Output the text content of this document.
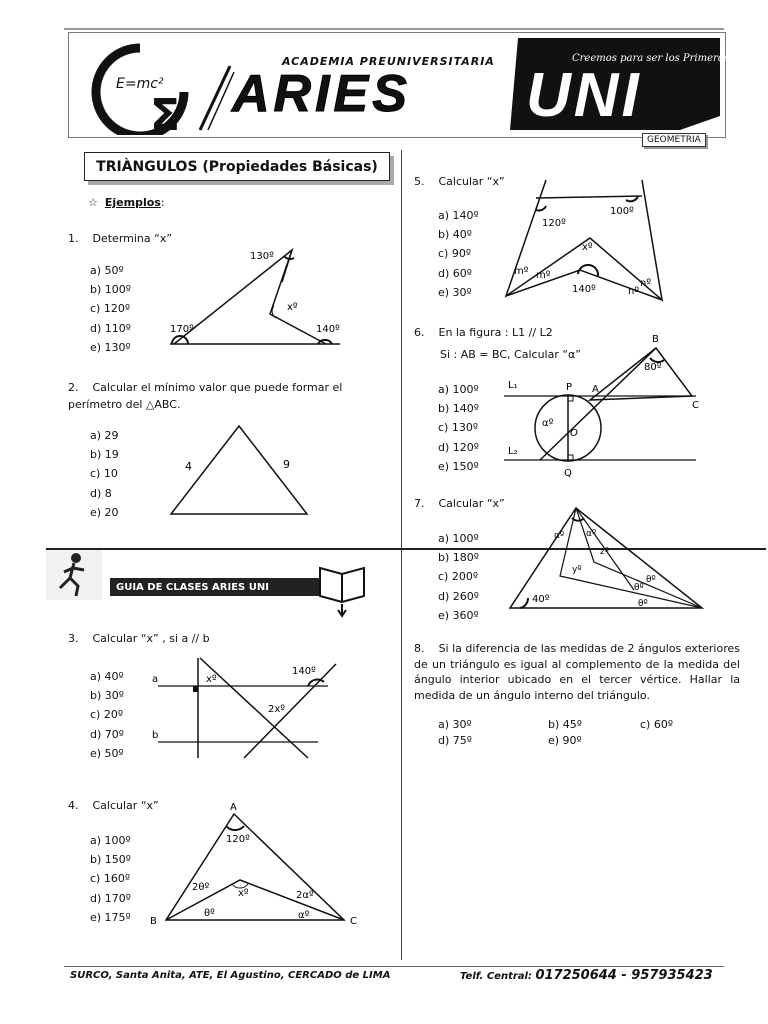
Σ
E=mc²
ACADEMIA PREUNIVERSITARIA
ARIES UNI
Creemos para ser los Primeros!
GEOMETRIA
TRIÀNGULOS (Propiedades Básicas)
☆ Ejemplos:
1. Determina “x”
a) 50º
b) 100º
c) 120º
d) 110º
e) 130º
130º
xº
170º	140º
2. Calcular el mínimo valor que puede formar el perímetro del △ABC.
a) 29
b) 19
c) 10
d) 8
e) 20
4	9
GUIA DE CLASES ARIES UNI
3. Calcular “x” , si a // b
a) 40º
b) 30º
c) 20º
d) 70º
e) 50º
a
b
xº
140º
2xº
4. Calcular “x”
a) 100º
b) 150º
c) 160º
d) 170º
e) 175º
A
B	C
120º
2θº
xº	2αº
θº	αº
5. Calcular “x”
a) 140º
b) 40º
c) 90º
d) 60º
e) 30º
100º
120º
xº
mº mº
140º	nº
nº
6. En la figura : L1 // L2
Si : AB = BC, Calcular “α”
a) 100º
b) 140º
c) 130º
d) 120º
e) 150º
B
80º
L₁	P A
C
αº
O
L₂
Q
7. Calcular “x”
a) 100º
b) 180º
c) 200º
d) 260º
e) 360º
αº αº
zº
yº
40º
θº
θº
θº
8. Si la diferencia de las medidas de 2 ángulos exteriores de un triángulo es igual al complemento de la medida del ángulo interior ubicado en el tercer vértice. Hallar la medida de un ángulo interno del triángulo.
a) 30º	b) 45º	c) 60º
d) 75º	e) 90º
SURCO, Santa Anita, ATE, El Agustino, CERCADO de LIMA	Telf. Central: 017250644 - 957935423
